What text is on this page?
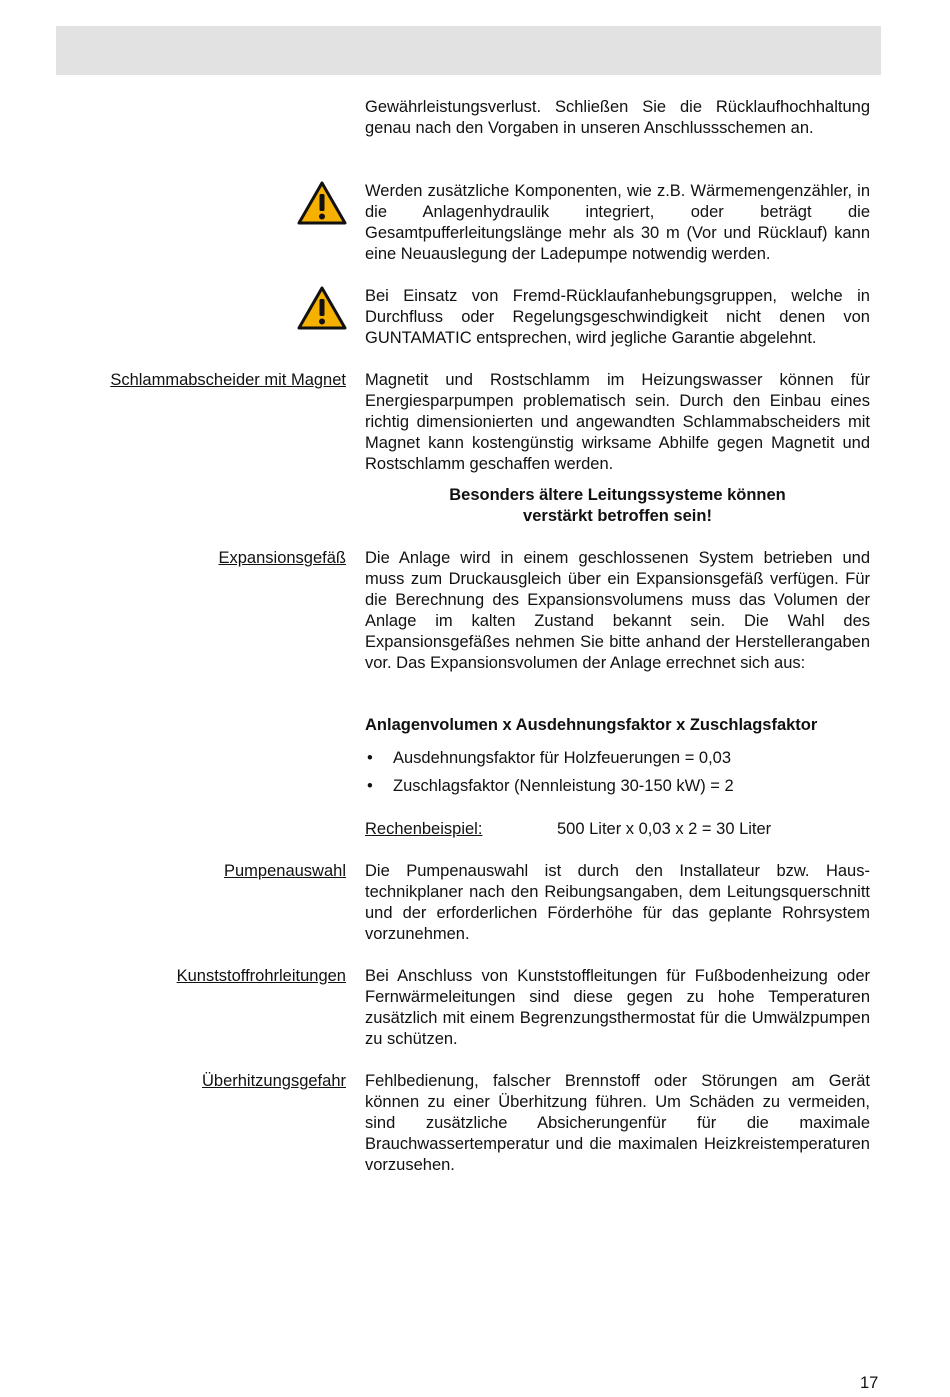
Gewährleistungsverlust. Schließen Sie die Rücklaufhochhaltung genau nach den Vorgaben in unseren Anschlussschemen an.

Werden zusätzliche Komponenten, wie z.B. Wärmemengenzähler, in die Anlagenhydraulik integriert, oder beträgt die Gesamtpufferleitungslänge mehr als 30 m (Vor und Rücklauf) kann eine Neuauslegung der Ladepumpe notwendig werden.

Bei Einsatz von Fremd-Rücklaufanhebungsgruppen, welche in Durchfluss oder Regelungsgeschwindigkeit nicht denen von GUNTAMATIC entsprechen, wird jegliche Garantie abgelehnt.

Schlammabscheider mit Magnet Magnetit und Rostschlamm im Heizungswasser können für Energiesparpumpen problematisch sein. Durch den Einbau eines richtig dimensionierten und angewandten Schlammabscheiders mit Magnet kann kostengünstig wirksame Abhilfe gegen Magnetit und Rostschlamm geschaffen werden.

Besonders ältere Leitungssysteme können
verstärkt betroffen sein!
Expansionsgefäß Die Anlage wird in einem geschlossenen System betrieben und muss zum Druckausgleich über ein Expansionsgefäß verfügen. Für die Berechnung des Expansionsvolumens muss das Volumen der Anlage im kalten Zustand bekannt sein. Die Wahl des Expansionsgefäßes nehmen Sie bitte anhand der Herstellerangaben vor. Das Expansionsvolumen der Anlage errechnet sich aus:

Anlagenvolumen x Ausdehnungsfaktor x Zuschlagsfaktor
• Ausdehnungsfaktor für Holzfeuerungen = 0,03
• Zuschlagsfaktor (Nennleistung 30-150 kW) = 2
Rechenbeispiel:	500 Liter x 0,03 x 2 = 30 Liter
Pumpenauswahl Die Pumpenauswahl ist durch den Installateur bzw. Haustechnikplaner nach den Reibungsangaben, dem Leitungsquerschnitt und der erforderlichen Förderhöhe für das geplante Rohrsystem vorzunehmen.

Kunststoffrohrleitungen Bei Anschluss von Kunststoffleitungen für Fußbodenheizung oder Fernwärmeleitungen sind diese gegen zu hohe Temperaturen zusätzlich mit einem Begrenzungsthermostat für die Umwälzpumpen zu schützen.

Überhitzungsgefahr Fehlbedienung, falscher Brennstoff oder Störungen am Gerät können zu einer Überhitzung führen. Um Schäden zu vermeiden, sind zusätzliche Absicherungenfür für die maximale Brauchwassertemperatur und die maximalen Heizkreistemperaturen vorzusehen.

17
